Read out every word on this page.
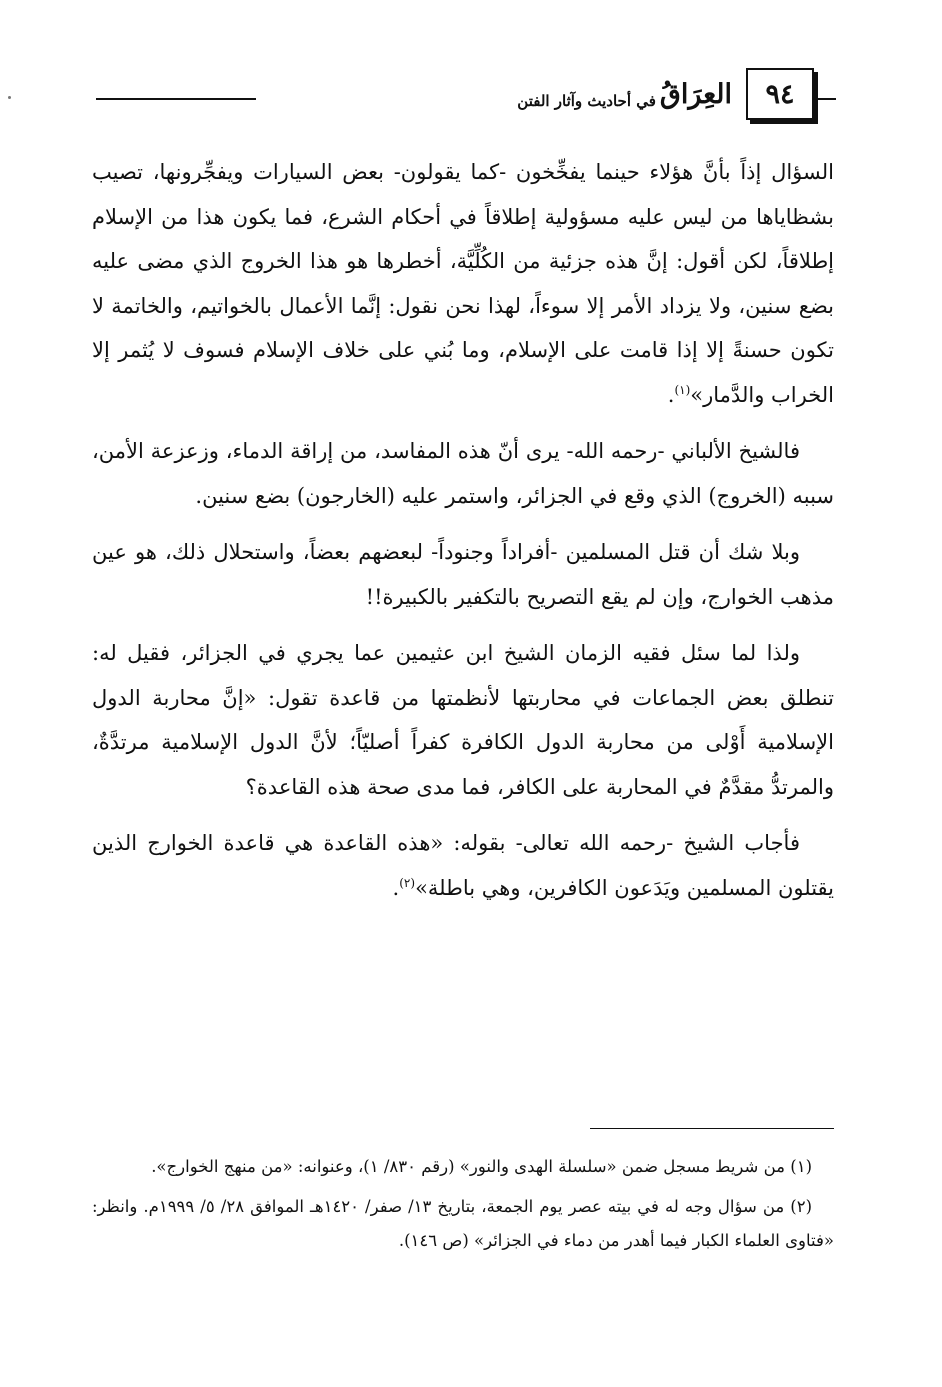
٩٤
العِرَاقُ
في أحاديث وآثار الفتن

السؤال إذاً بأنَّ هؤلاء حينما يفخِّخون -كما يقولون- بعض السيارات ويفجِّرونها، تصيب بشظاياها من ليس عليه مسؤولية إطلاقاً في أحكام الشرع، فما يكون هذا من الإسلام إطلاقاً، لكن أقول: إنَّ هذه جزئية من الكُلِّيَّة، أخطرها هو هذا الخروج الذي مضى عليه بضع سنين، ولا يزداد الأمر إلا سوءاً، لهذا نحن نقول: إنَّما الأعمال بالخواتيم، والخاتمة لا تكون حسنةً إلا إذا قامت على الإسلام، وما بُني على خلاف الإسلام فسوف لا يُثمر إلا الخراب والدَّمار»$^{(١)}$.

فالشيخ الألباني -رحمه الله- يرى أنّ هذه المفاسد، من إراقة الدماء، وزعزعة الأمن، سببه (الخروج) الذي وقع في الجزائر، واستمر عليه (الخارجون) بضع سنين.

وبلا شك أن قتل المسلمين -أفراداً وجنوداً- لبعضهم بعضاً، واستحلال ذلك، هو عين مذهب الخوارج، وإن لم يقع التصريح بالتكفير بالكبيرة!!

ولذا لما سئل فقيه الزمان الشيخ ابن عثيمين عما يجري في الجزائر، فقيل له: تنطلق بعض الجماعات في محاربتها لأنظمتها من قاعدة تقول: «إنَّ محاربة الدول الإسلامية أَوْلى من محاربة الدول الكافرة كفراً أصليّاً؛ لأنَّ الدول الإسلامية مرتدَّةٌ، والمرتدُّ مقدَّمٌ في المحاربة على الكافر، فما مدى صحة هذه القاعدة؟

فأجاب الشيخ -رحمه الله تعالى- بقوله: «هذه القاعدة هي قاعدة الخوارج الذين يقتلون المسلمين ويَدَعون الكافرين، وهي باطلة»$^{(٢)}$.

(١) من شريط مسجل ضمن «سلسلة الهدى والنور» (رقم ٨٣٠/ ١)، وعنوانه: «من منهج الخوارج».

(٢) من سؤال وجه له في بيته عصر يوم الجمعة، بتاريخ ١٣/ صفر/ ١٤٢٠هـ الموافق ٢٨/ ٥/ ١٩٩٩م. وانظر: «فتاوى العلماء الكبار فيما أهدر من دماء في الجزائر» (ص ١٤٦).
